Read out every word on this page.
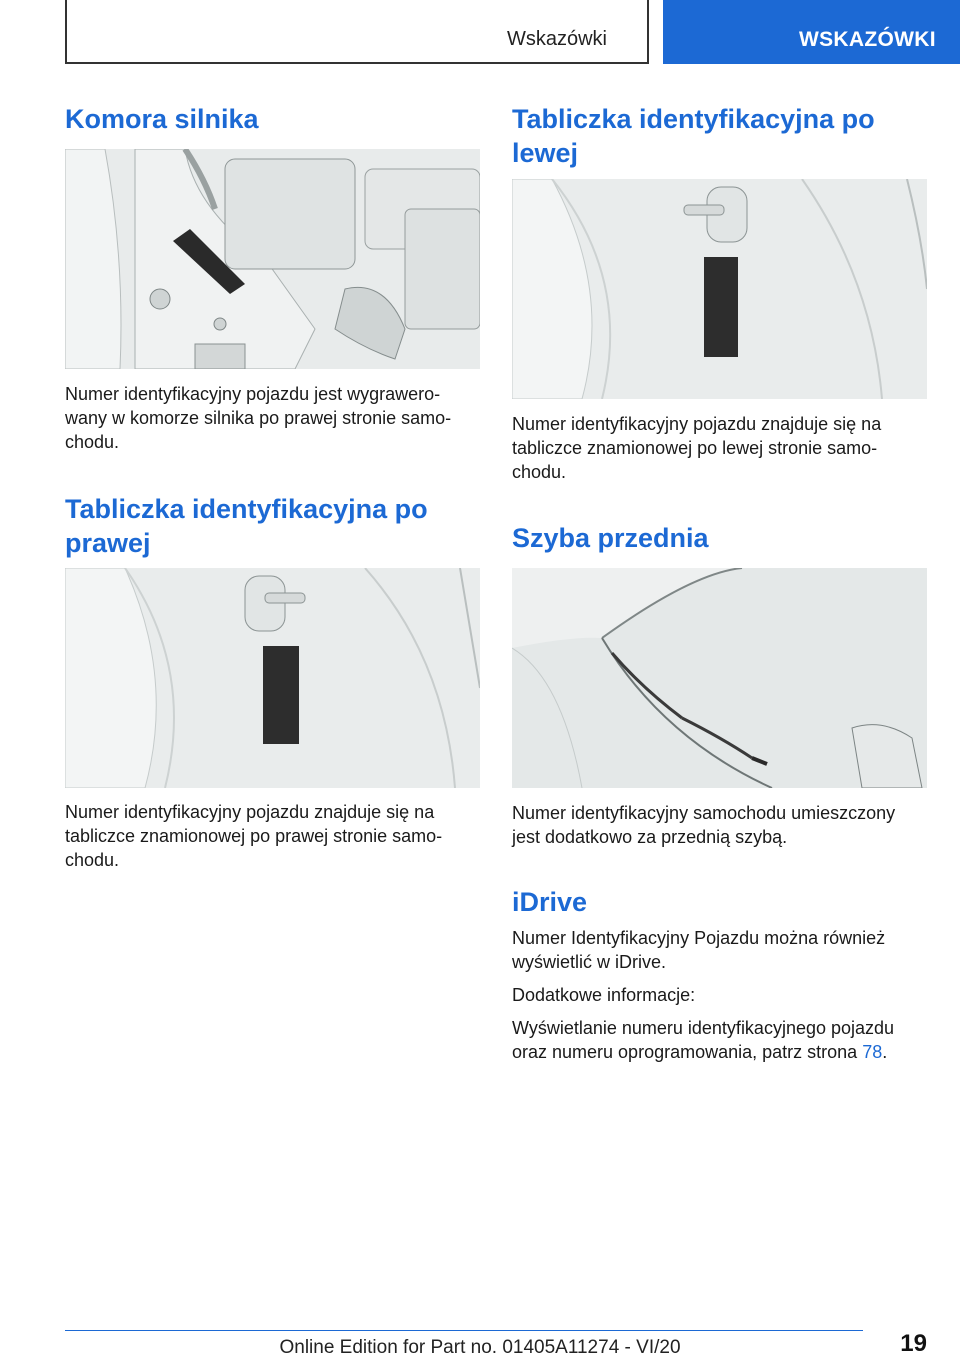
Wskazówki	WSKAZÓWKI
Komora silnika

Numer identyfikacyjny pojazdu jest wygrawero‐ wany w komorze silnika po prawej stronie samo‐ chodu.

Tabliczka identyfikacyjna po prawej

Numer identyfikacyjny pojazdu znajduje się na tabliczce znamionowej po prawej stronie samo‐ chodu.

Tabliczka identyfikacyjna po lewej

Numer identyfikacyjny pojazdu znajduje się na tabliczce znamionowej po lewej stronie samo‐ chodu.

Szyba przednia

Numer identyfikacyjny samochodu umieszczony jest dodatkowo za przednią szybą.

iDrive

Numer Identyfikacyjny Pojazdu można również wyświetlić w iDrive.

Dodatkowe informacje:

Wyświetlanie numeru identyfikacyjnego pojazdu oraz numeru oprogramowania, patrz strona 78.

19
Online Edition for Part no. 01405A11274 - VI/20
